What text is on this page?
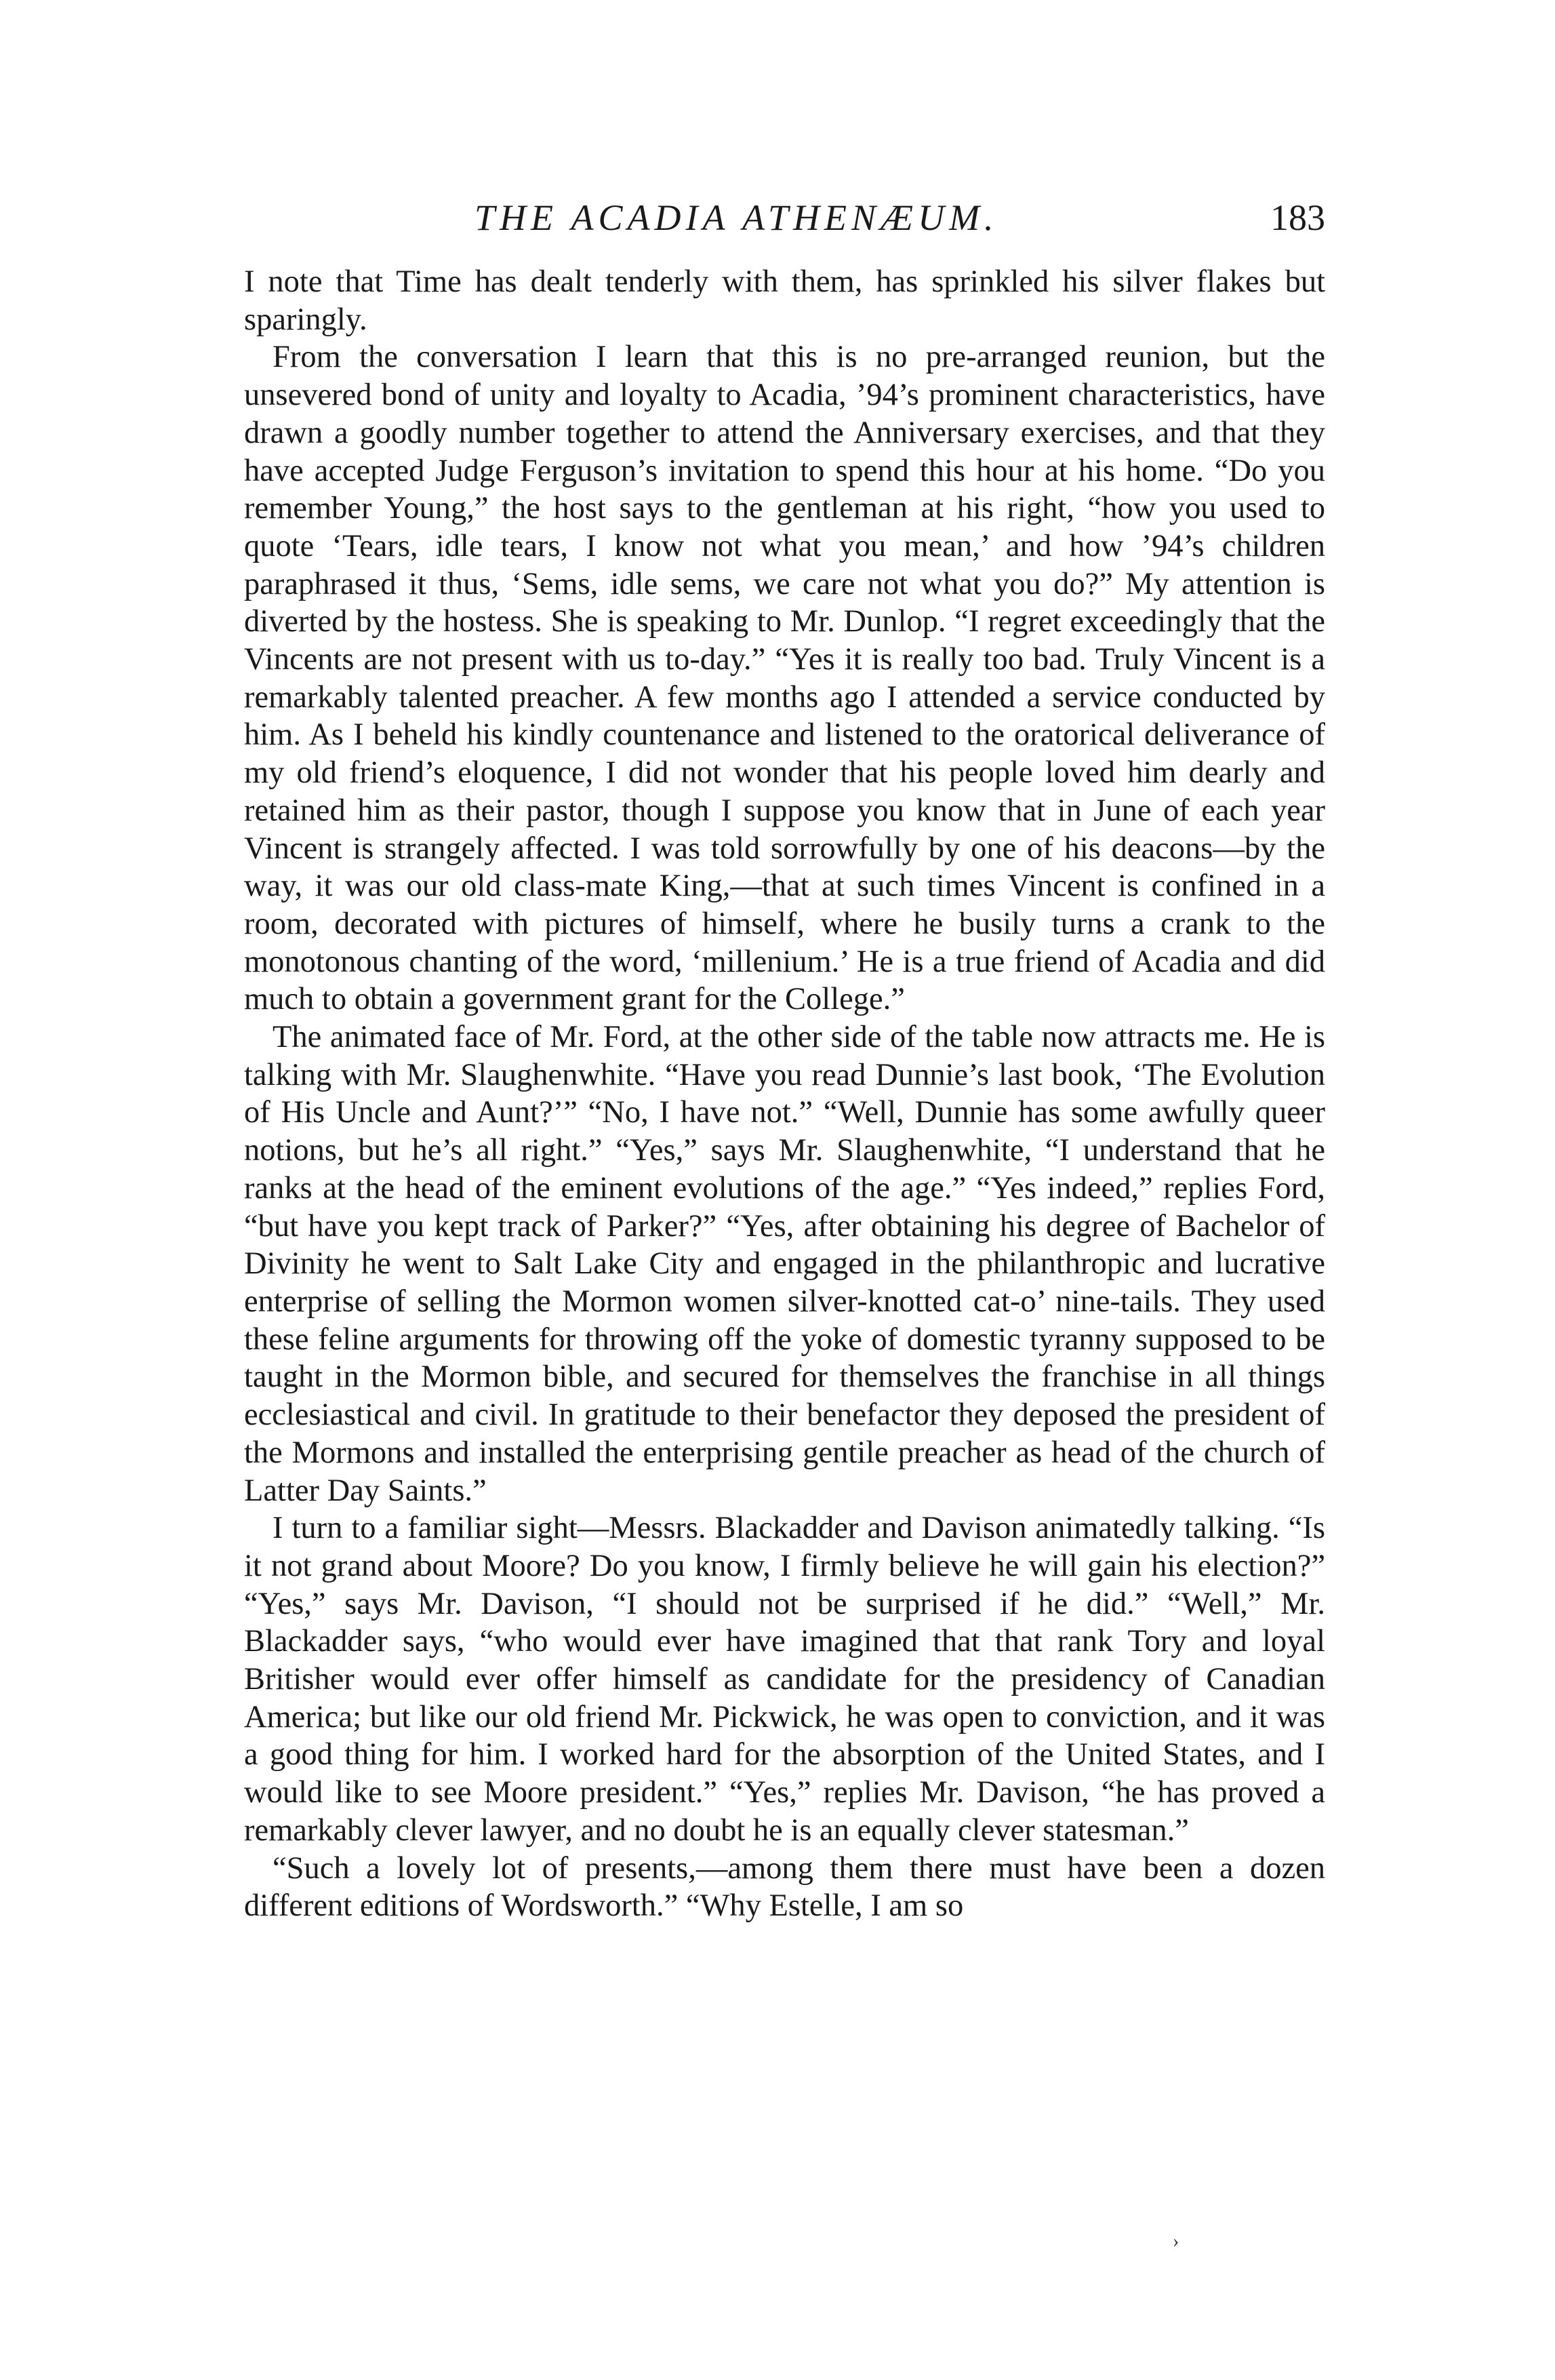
THE ACADIA ATHENÆUM.	183

I note that Time has dealt tenderly with them, has sprinkled his silver flakes but sparingly.

From the conversation I learn that this is no pre-arranged reunion, but the unsevered bond of unity and loyalty to Acadia, ’94’s prominent characteristics, have drawn a goodly number together to attend the Anniversary exercises, and that they have accepted Judge Ferguson’s invitation to spend this hour at his home. “Do you remember Young,” the host says to the gentleman at his right, “how you used to quote ‘Tears, idle tears, I know not what you mean,’ and how ’94’s children paraphrased it thus, ‘Sems, idle sems, we care not what you do?” My attention is diverted by the hostess. She is speaking to Mr. Dunlop. “I regret exceedingly that the Vincents are not present with us to-day.” “Yes it is really too bad. Truly Vincent is a remarkably talented preacher. A few months ago I attended a service conducted by him. As I beheld his kindly countenance and listened to the oratorical deliverance of my old friend’s eloquence, I did not wonder that his people loved him dearly and retained him as their pastor, though I suppose you know that in June of each year Vincent is strangely affected. I was told sorrowfully by one of his deacons—by the way, it was our old class-mate King,—that at such times Vincent is confined in a room, decorated with pictures of himself, where he busily turns a crank to the monotonous chanting of the word, ‘millenium.’ He is a true friend of Acadia and did much to obtain a government grant for the College.”

The animated face of Mr. Ford, at the other side of the table now attracts me. He is talking with Mr. Slaughenwhite. “Have you read Dunnie’s last book, ‘The Evolution of His Uncle and Aunt?’” “No, I have not.” “Well, Dunnie has some awfully queer notions, but he’s all right.” “Yes,” says Mr. Slaughenwhite, “I understand that he ranks at the head of the eminent evolutions of the age.” “Yes indeed,” replies Ford, “but have you kept track of Parker?” “Yes, after obtaining his degree of Bachelor of Divinity he went to Salt Lake City and engaged in the philanthropic and lucrative enterprise of selling the Mormon women silver-knotted cat-o’ nine-tails. They used these feline arguments for throwing off the yoke of domestic tyranny supposed to be taught in the Mormon bible, and secured for themselves the franchise in all things ecclesiastical and civil. In gratitude to their benefactor they deposed the president of the Mormons and installed the enterprising gentile preacher as head of the church of Latter Day Saints.”

I turn to a familiar sight—Messrs. Blackadder and Davison animatedly talking. “Is it not grand about Moore? Do you know, I firmly believe he will gain his election?” “Yes,” says Mr. Davison, “I should not be surprised if he did.” “Well,” Mr. Blackadder says, “who would ever have imagined that that rank Tory and loyal Britisher would ever offer himself as candidate for the presidency of Canadian America; but like our old friend Mr. Pickwick, he was open to conviction, and it was a good thing for him. I worked hard for the absorption of the United States, and I would like to see Moore president.” “Yes,” replies Mr. Davison, “he has proved a remarkably clever lawyer, and no doubt he is an equally clever statesman.”

“Such a lovely lot of presents,—among them there must have been a dozen different editions of Wordsworth.” “Why Estelle, I am so

›
